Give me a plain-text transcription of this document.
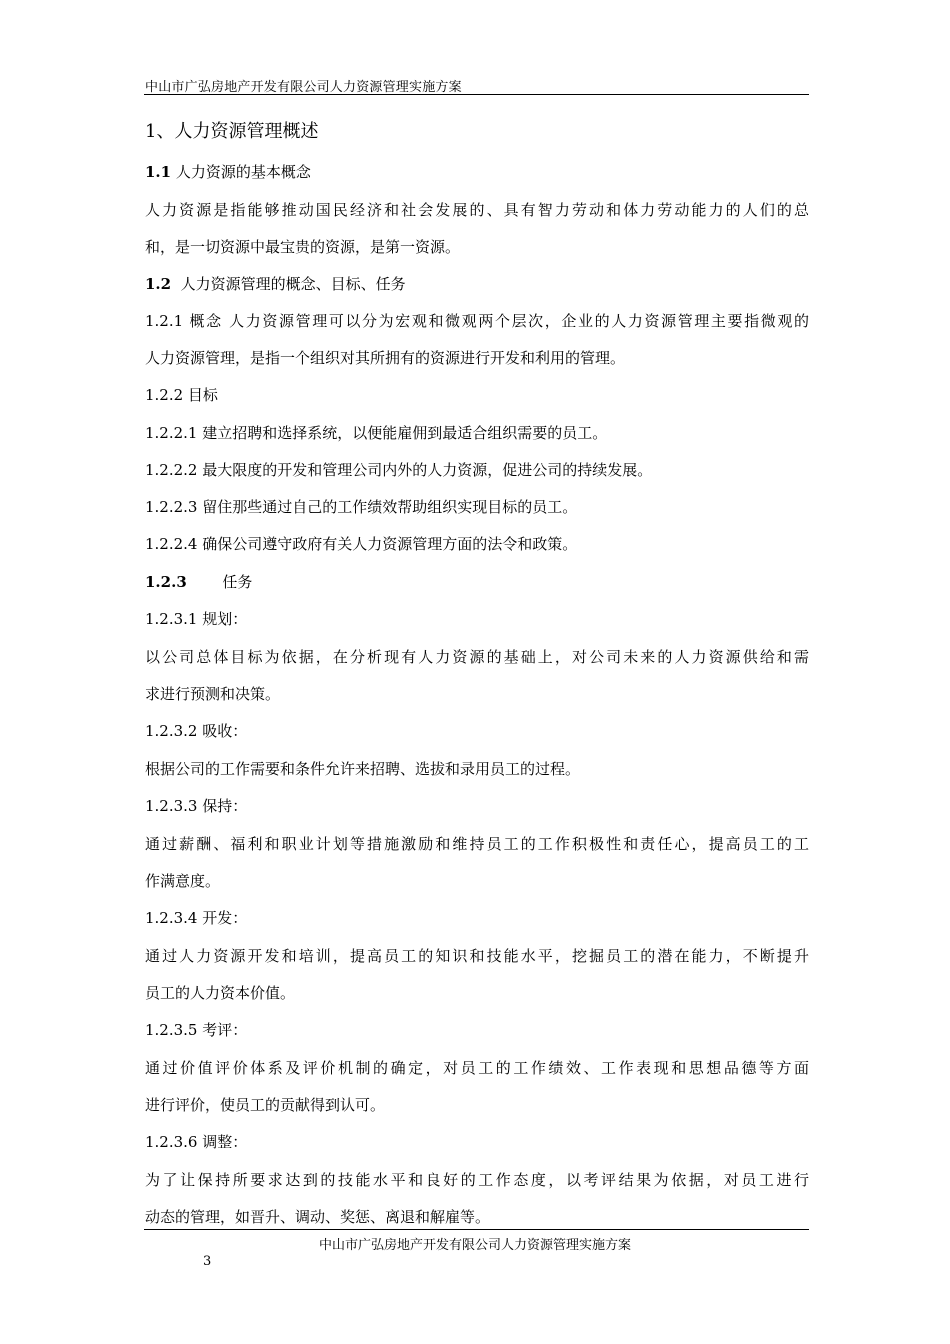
中山市广弘房地产开发有限公司人力资源管理实施方案
1、人力资源管理概述
1.1 人力资源的基本概念
人力资源是指能够推动国民经济和社会发展的、具有智力劳动和体力劳动能力的人们的总
和，是一切资源中最宝贵的资源，是第一资源。
1.2 人力资源管理的概念、目标、任务
1.2.1 概念 人力资源管理可以分为宏观和微观两个层次，企业的人力资源管理主要指微观的
人力资源管理，是指一个组织对其所拥有的资源进行开发和利用的管理。
1.2.2 目标
1.2.2.1 建立招聘和选择系统，以便能雇佣到最适合组织需要的员工。
1.2.2.2 最大限度的开发和管理公司内外的人力资源，促进公司的持续发展。
1.2.2.3 留住那些通过自己的工作绩效帮助组织实现目标的员工。
1.2.2.4 确保公司遵守政府有关人力资源管理方面的法令和政策。
1.2.3 任务
1.2.3.1 规划：
以公司总体目标为依据，在分析现有人力资源的基础上，对公司未来的人力资源供给和需
求进行预测和决策。
1.2.3.2 吸收：
根据公司的工作需要和条件允许来招聘、选拔和录用员工的过程。
1.2.3.3 保持：
通过薪酬、福利和职业计划等措施激励和维持员工的工作积极性和责任心，提高员工的工
作满意度。
1.2.3.4 开发：
通过人力资源开发和培训，提高员工的知识和技能水平，挖掘员工的潜在能力，不断提升
员工的人力资本价值。
1.2.3.5 考评：
通过价值评价体系及评价机制的确定，对员工的工作绩效、工作表现和思想品德等方面
进行评价，使员工的贡献得到认可。
1.2.3.6 调整：
为了让保持所要求达到的技能水平和良好的工作态度，以考评结果为依据，对员工进行
动态的管理，如晋升、调动、奖惩、离退和解雇等。
中山市广弘房地产开发有限公司人力资源管理实施方案
3
